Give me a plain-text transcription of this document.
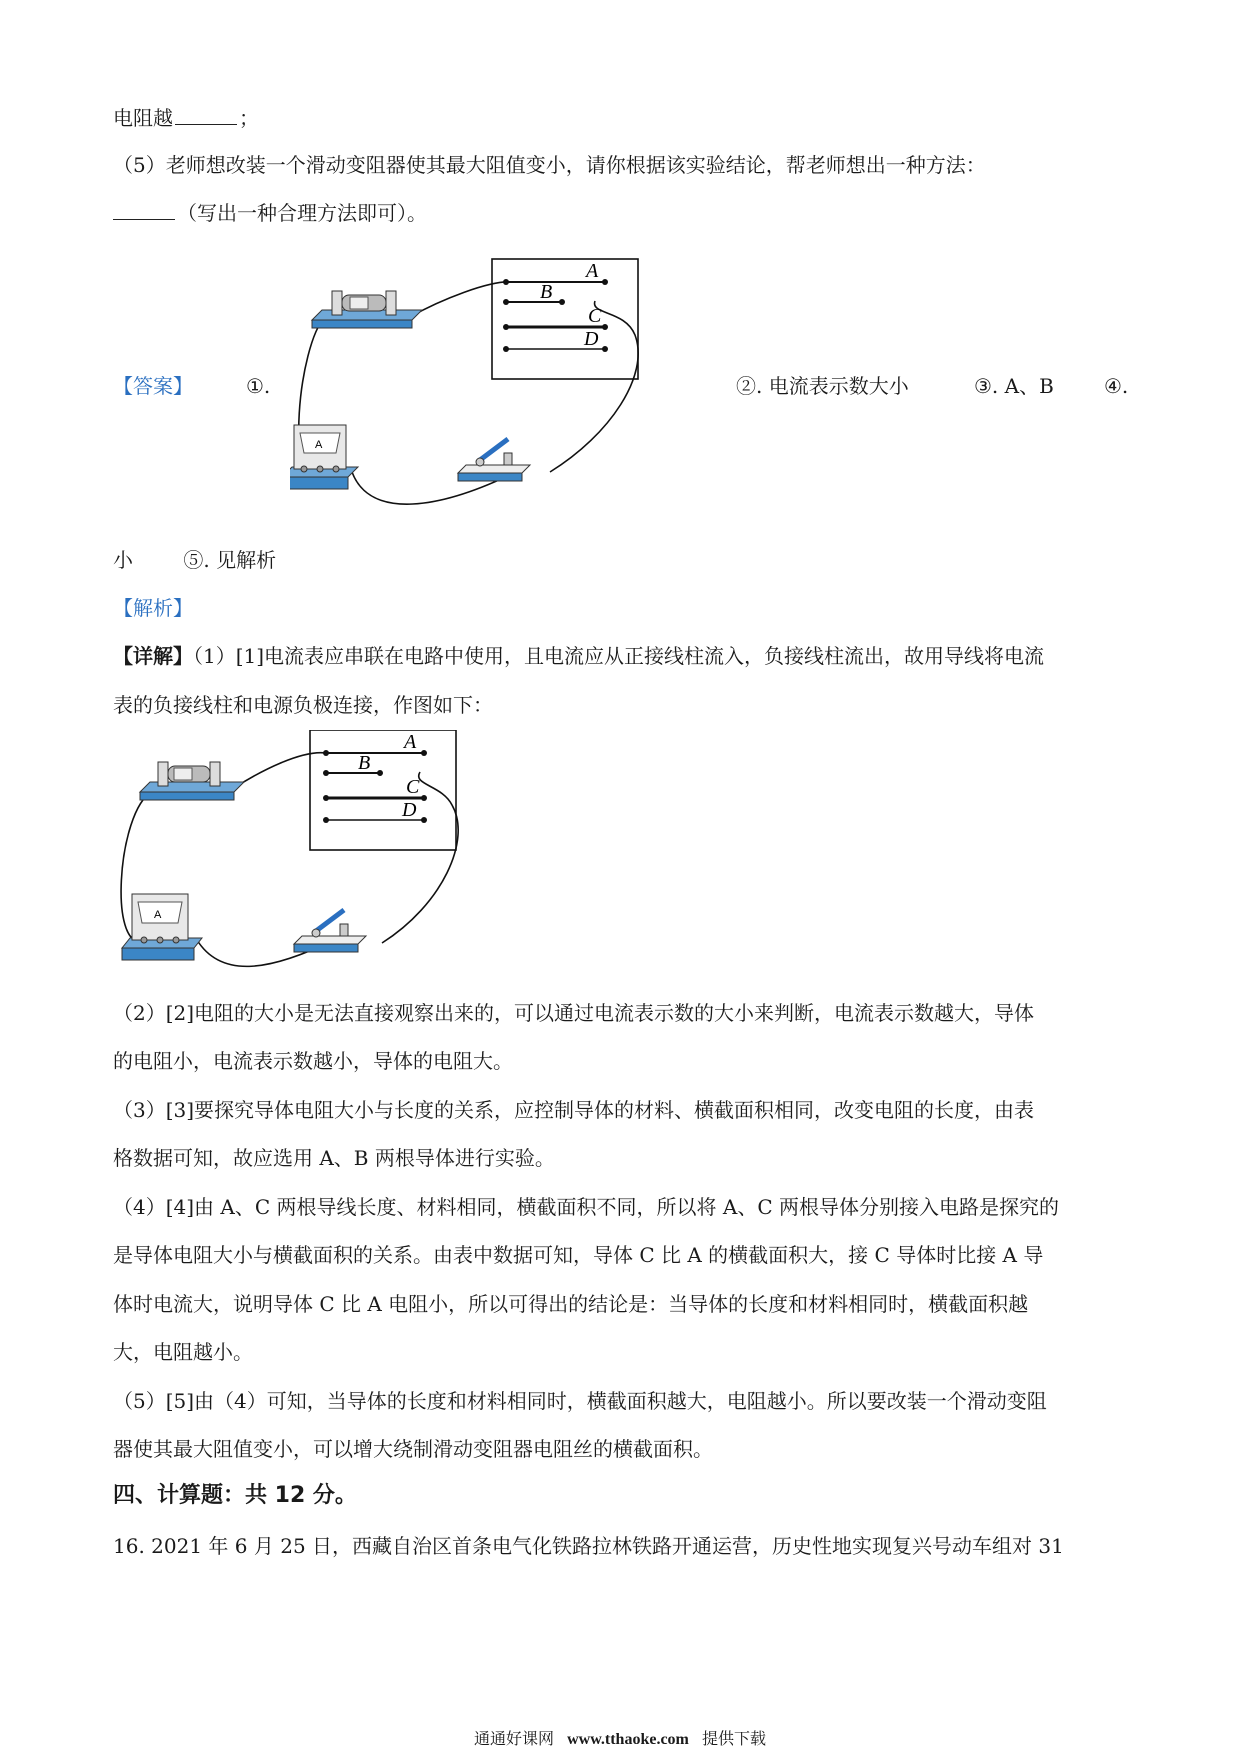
电阻越	；
（5）老师想改装一个滑动变阻器使其最大阻值变小，请你根据该实验结论，帮老师想出一种方法：
（写出一种合理方法即可）。
【答案】	①.	②. 电流表示数大小	③. A、B	④.
A
B
C
D
A
小	⑤. 见解析
【解析】
【详解】（1）[1]电流表应串联在电路中使用，且电流应从正接线柱流入，负接线柱流出，故用导线将电流
表的负接线柱和电源负极连接，作图如下：
A
B
C
D
A
（2）[2]电阻的大小是无法直接观察出来的，可以通过电流表示数的大小来判断，电流表示数越大，导体
的电阻小，电流表示数越小，导体的电阻大。
（3）[3]要探究导体电阻大小与长度的关系，应控制导体的材料、横截面积相同，改变电阻的长度，由表
格数据可知，故应选用 A、B 两根导体进行实验。
（4）[4]由 A、C 两根导线长度、材料相同，横截面积不同，所以将 A、C 两根导体分别接入电路是探究的
是导体电阻大小与横截面积的关系。由表中数据可知，导体 C 比 A 的横截面积大，接 C 导体时比接 A 导
体时电流大，说明导体 C 比 A 电阻小，所以可得出的结论是：当导体的长度和材料相同时，横截面积越
大，电阻越小。
（5）[5]由（4）可知，当导体的长度和材料相同时，横截面积越大，电阻越小。所以要改装一个滑动变阻
器使其最大阻值变小，可以增大绕制滑动变阻器电阻丝的横截面积。
四、计算题：共 12 分。
16. 2021 年 6 月 25 日，西藏自治区首条电气化铁路拉林铁路开通运营，历史性地实现复兴号动车组对 31
通通好课网 www.tthaoke.com 提供下载
